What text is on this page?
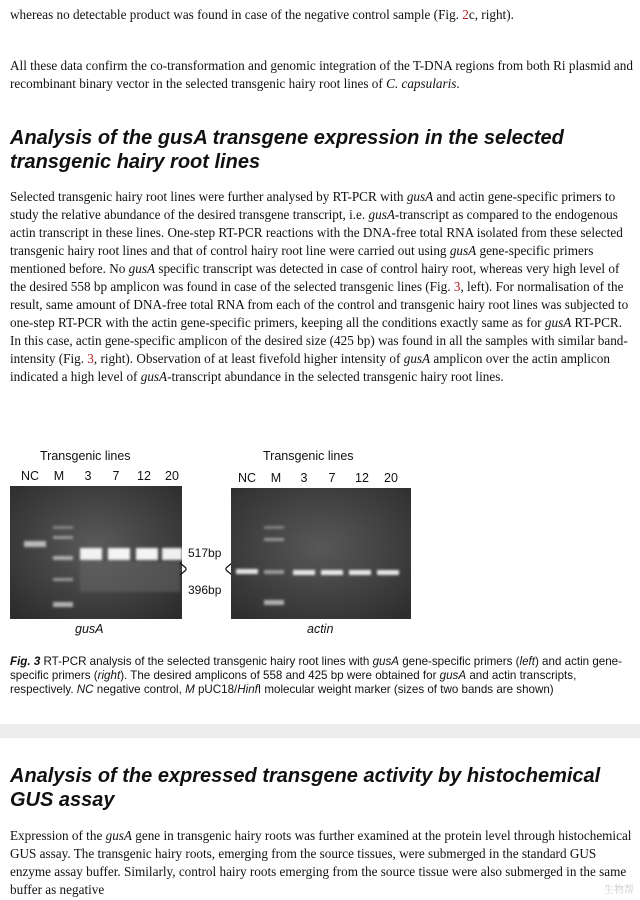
whereas no detectable product was found in case of the negative control sample (Fig. 2c, right).

All these data confirm the co-transformation and genomic integration of the T-DNA regions from both Ri plasmid and recombinant binary vector in the selected transgenic hairy root lines of C. capsularis.

Analysis of the gusA transgene expression in the selected transgenic hairy root lines

Selected transgenic hairy root lines were further analysed by RT-PCR with gusA and actin gene-specific primers to study the relative abundance of the desired transgene transcript, i.e. gusA-transcript as compared to the endogenous actin transcript in these lines. One-step RT-PCR reactions with the DNA-free total RNA isolated from these selected transgenic hairy root lines and that of control hairy root line were carried out using gusA gene-specific primers mentioned before. No gusA specific transcript was detected in case of control hairy root, whereas very high level of the desired 558 bp amplicon was found in case of the selected transgenic lines (Fig. 3, left). For normalisation of the result, same amount of DNA-free total RNA from each of the control and transgenic hairy root lines was subjected to one-step RT-PCR with the actin gene-specific primers, keeping all the conditions exactly same as for gusA RT-PCR. In this case, actin gene-specific amplicon of the desired size (425 bp) was found in all the samples with similar band-intensity (Fig. 3, right). Observation of at least fivefold higher intensity of gusA amplicon over the actin amplicon indicated a high level of gusA-transcript abundance in the selected transgenic hairy root lines.

Transgenic lines	Transgenic lines
NC	M	3	7	12	20	NC	M	3	7	12	20
517bp
396bp
gusA	actin

Fig. 3 RT-PCR analysis of the selected transgenic hairy root lines with gusA gene-specific primers (left) and actin gene-specific primers (right). The desired amplicons of 558 and 425 bp were obtained for gusA and actin transcripts, respectively. NC negative control, M pUC18/HinfI molecular weight marker (sizes of two bands are shown)

Analysis of the expressed transgene activity by histochemical GUS assay

Expression of the gusA gene in transgenic hairy roots was further examined at the protein level through histochemical GUS assay. The transgenic hairy roots, emerging from the source tissues, were submerged in the standard GUS enzyme assay buffer. Similarly, control hairy roots emerging from the source tissue were also submerged in the same buffer as negative	生物帮
